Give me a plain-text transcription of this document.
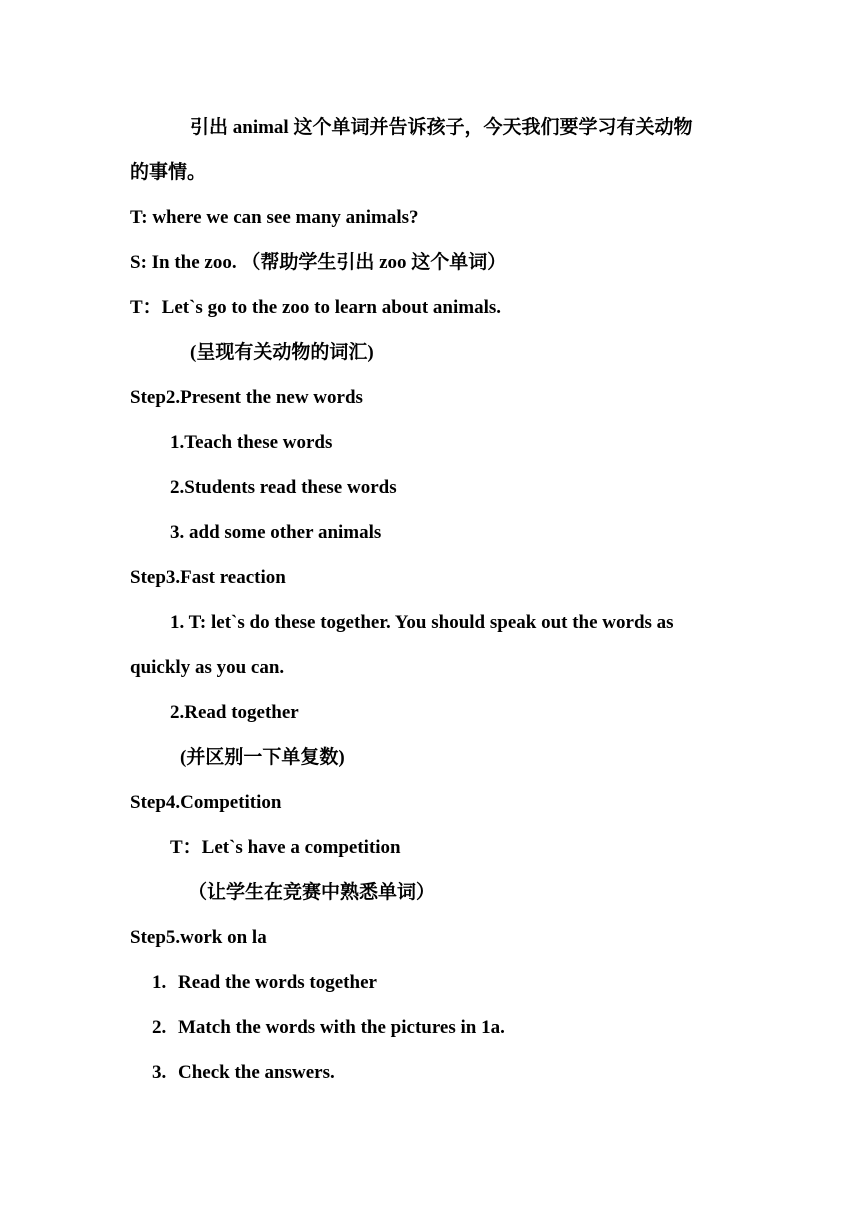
引出 animal 这个单词并告诉孩子，今天我们要学习有关动物
的事情。
T: where we can see many animals?
S: In the zoo. （帮助学生引出 zoo 这个单词）
T：Let`s go to the zoo to learn about animals.
(呈现有关动物的词汇)
Step2.Present the new words
1.Teach these words
2.Students read these words
3. add some other animals
Step3.Fast reaction
1. T: let`s do these together. You should speak out the words as
quickly as you can.
2.Read together
(并区别一下单复数)
Step4.Competition
T：Let`s have a competition
（让学生在竞赛中熟悉单词）
Step5.work on la
1. Read the words together
2. Match the words with the pictures in 1a.
3. Check the answers.
